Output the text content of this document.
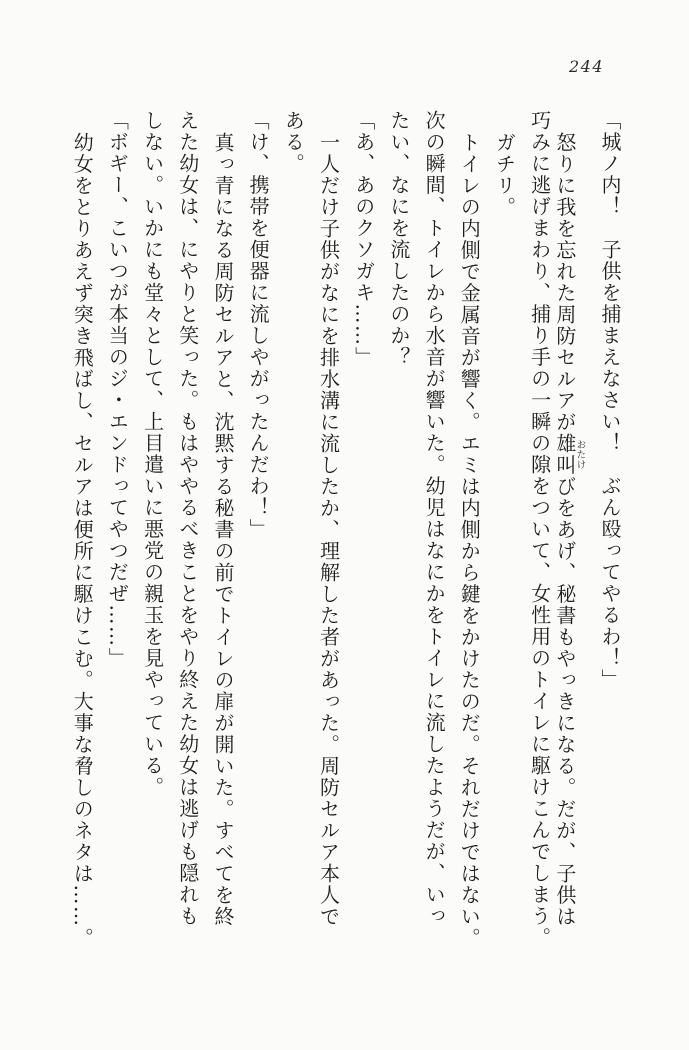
244
「城ノ内！　子供を捕まえなさい！　ぶん殴ってやるわ！」
怒りに我を忘れた周防セルアが雄叫おたけびをあげ、秘書もやっきになる。だが、子供は
巧みに逃げまわり、捕り手の一瞬の隙をついて、女性用のトイレに駆けこんでしまう。
ガチリ。
トイレの内側で金属音が響く。エミは内側から鍵をかけたのだ。それだけではない。
次の瞬間、トイレから水音が響いた。幼児はなにかをトイレに流したようだが、いっ
たい、なにを流したのか？
「あ、あのクソガキ……」
一人だけ子供がなにを排水溝に流したか、理解した者があった。周防セルア本人で
ある。
「け、携帯を便器に流しやがったんだわ！」
真っ青になる周防セルアと、沈黙する秘書の前でトイレの扉が開いた。すべてを終
えた幼女は、にやりと笑った。もはややるべきことをやり終えた幼女は逃げも隠れも
しない。いかにも堂々として、上目遣いに悪党の親玉を見やっている。
「ボギー、こいつが本当のジ・エンドってやつだぜ……」
幼女をとりあえず突き飛ばし、セルアは便所に駆けこむ。大事な脅しのネタは……。
